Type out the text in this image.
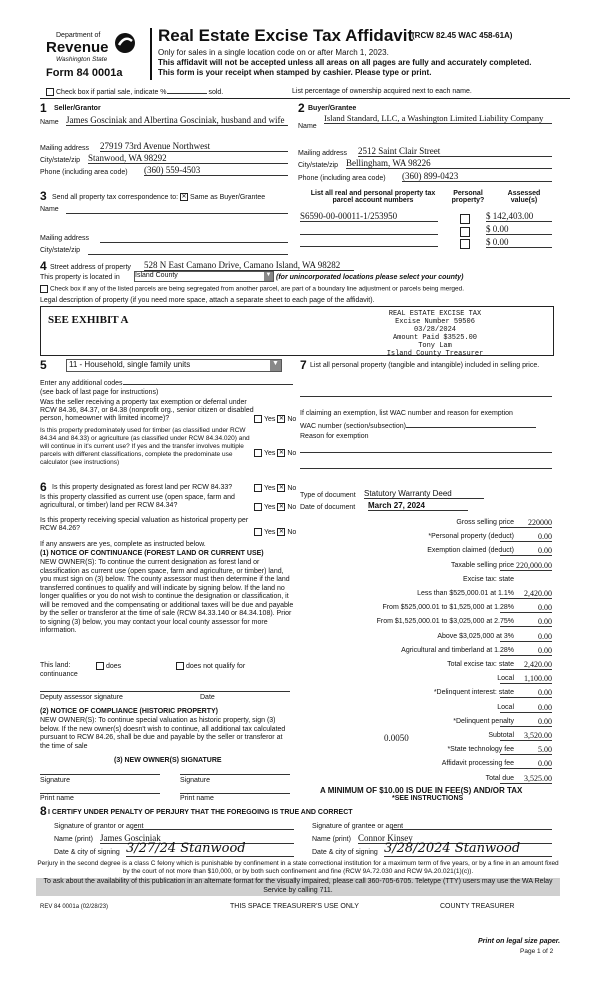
Department of
Revenue
Washington State
Form 84 0001a
Real Estate Excise Tax Affidavit
(RCW 82.45 WAC 458-61A)
Only for sales in a single location code on or after March 1, 2023.
This affidavit will not be accepted unless all areas on all pages are fully and accurately completed.
This form is your receipt when stamped by cashier. Please type or print.
Check box if partial sale, indicate %	sold.	List percentage of ownership acquired next to each name.
1 Seller/Grantor
Name James Gosciniak and Albertina Gosciniak, husband and wife
Mailing address 27919 73rd Avenue Northwest
City/state/zip Stanwood, WA 98292
Phone (including area code) (360) 559-4503
2 Buyer/Grantee
Name
Island Standard, LLC, a Washington Limited Liability Company
Mailing address 2512 Saint Clair Street
City/state/zip Bellingham, WA 98226
Phone (including area code) (360) 899-0423
3 Send all property tax correspondence to: ✕ Same as Buyer/Grantee
Name
Mailing address
City/state/zip
List all real and personal property tax parcel account numbers
Personal property?
Assessed value(s)
S6590-00-00011-1/253950	$ 142,403.00
$ 0.00
$ 0.00
4 Street address of property 528 N East Camano Drive, Camano Island, WA 98282
This property is located in Island County	▼ (for unincorporated locations please select your county)
Check box if any of the listed parcels are being segregated from another parcel, are part of a boundary line adjustment or parcels being merged.
Legal description of property (if you need more space, attach a separate sheet to each page of the affidavit).
SEE EXHIBIT A	REAL ESTATE EXCISE TAX
Excise Number 59506
03/28/2024
Amount Paid $3525.00
Tony Lam
Island County Treasurer
5	11 - Household, single family units	▼
Enter any additional codes
(see back of last page for instructions)
Was the seller receiving a property tax exemption or deferral under RCW 84.36, 84.37, or 84.38 (nonprofit org., senior citizen or disabled person, homeowner with limited income)?	Yes ✕ No
Is this property predominately used for timber (as classified under RCW 84.34 and 84.33) or agriculture (as classified under RCW 84.34.020) and will continue in it's current use? If yes and the transfer involves multiple parcels with different classifications, complete the predominate use calculator (see instructions)
Yes ✕ No
7 List all personal property (tangible and intangible) included in selling price.
If claiming an exemption, list WAC number and reason for exemption
WAC number (section/subsection)
Reason for exemption
6 Is this property designated as forest land per RCW 84.33?	Yes ✕ No
Is this property classified as current use (open space, farm and agricultural, or timber) land per RCW 84.34?	Yes ✕ No
Is this property receiving special valuation as historical property per RCW 84.26?
Yes ✕ No
If any answers are yes, complete as instructed below.
(1) NOTICE OF CONTINUANCE (FOREST LAND OR CURRENT USE)
NEW OWNER(S): To continue the current designation as forest land or classification as current use (open space, farm and agriculture, or timber) land, you must sign on (3) below. The county assessor must then determine if the land transferred continues to qualify and will indicate by signing below. If the land no longer qualifies or you do not wish to continue the designation or classification, it will be removed and the compensating or additional taxes will be due and payable by the seller or transferor at the time of sale (RCW 84.33.140 or 84.34.108). Prior to signing (3) below, you may contact your local county assessor for more information.
This land:	does	does not qualify for
continuance
Deputy assessor signature	Date
(2) NOTICE OF COMPLIANCE (HISTORIC PROPERTY)
NEW OWNER(S): To continue special valuation as historic property, sign (3) below. If the new owner(s) doesn't wish to continue, all additional tax calculated pursuant to RCW 84.26, shall be due and payable by the seller or transferor at the time of sale
(3) NEW OWNER(S) SIGNATURE
Signature	Signature
Print name	Print name
Type of document Statutory Warranty Deed
Date of document March 27, 2024
Gross selling price	220000
*Personal property (deduct)	0.00
Exemption claimed (deduct)	0.00
Taxable selling price 220,000.00
Excise tax: state
Less than $525,000.01 at 1.1%	2,420.00
From $525,000.01 to $1,525,000 at 1.28%	0.00
From $1,525,000.01 to $3,025,000 at 2.75%	0.00
Above $3,025,000 at 3%	0.00
Agricultural and timberland at 1.28%	0.00
Total excise tax: state	2,420.00
Local	1,100.00
*Delinquent interest: state	0.00
Local	0.00
*Delinquent penalty	0.00
Subtotal	3,520.00
*State technology fee	5.00
Affidavit processing fee	0.00
Total due	3,525.00
0.0050
A MINIMUM OF $10.00 IS DUE IN FEE(S) AND/OR TAX
*SEE INSTRUCTIONS
8 I CERTIFY UNDER PENALTY OF PERJURY THAT THE FOREGOING IS TRUE AND CORRECT
Signature of grantor or agent
Name (print) James Gosciniak
Date & city of signing 3/27/24 Stanwood
Signature of grantee or agent
Name (print) Connor Kinsey
Date & city of signing 3/28/2024 Stanwood
Perjury in the second degree is a class C felony which is punishable by confinement in a state correctional institution for a maximum term of five years, or by a fine in an amount fixed by the court of not more than $10,000, or by both such confinement and fine (RCW 9A.72.030 and RCW 9A.20.021(1)(c)).
To ask about the availability of this publication in an alternate format for the visually impaired, please call 360-705-6705. Teletype (TTY) users may use the WA Relay Service by calling 711.
REV 84 0001a (02/28/23)	THIS SPACE TREASURER'S USE ONLY	COUNTY TREASURER
Print on legal size paper.
Page 1 of 2
